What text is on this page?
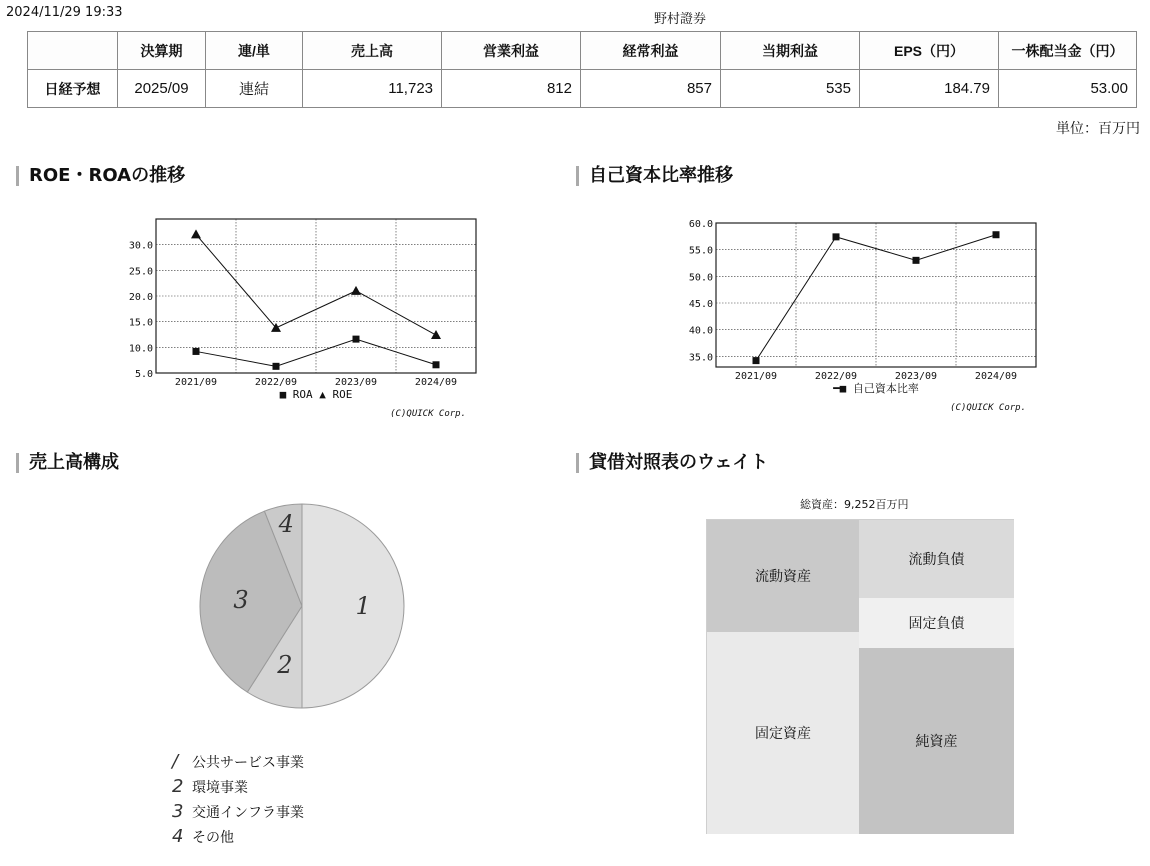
2024/11/29 19:33	野村證券
	決算期	連/単	売上高	営業利益	経常利益	当期利益	EPS（円）	一株配当金（円）
日経予想	2025/09	連結	11,723	812	857	535	184.79	53.00
単位：百万円
ROE・ROAの推移	自己資本比率推移
売上高構成	貸借対照表のウェイト
5.0
10.0
15.0
20.0
25.0
30.0
2021/09	2022/09	2023/09	2024/09
■ ROA ▲ ROE
(C)QUICK Corp.
35.0
40.0
45.0
50.0
55.0
60.0
2021/09	2022/09	2023/09	2024/09
━■ 自己資本比率
(C)QUICK Corp.
1
2
3
4
/ 公共サービス事業
2 環境事業
3 交通インフラ事業
4 その他
総資産：9,252百万円
流動資産
固定資産
流動負債
固定負債
純資産
